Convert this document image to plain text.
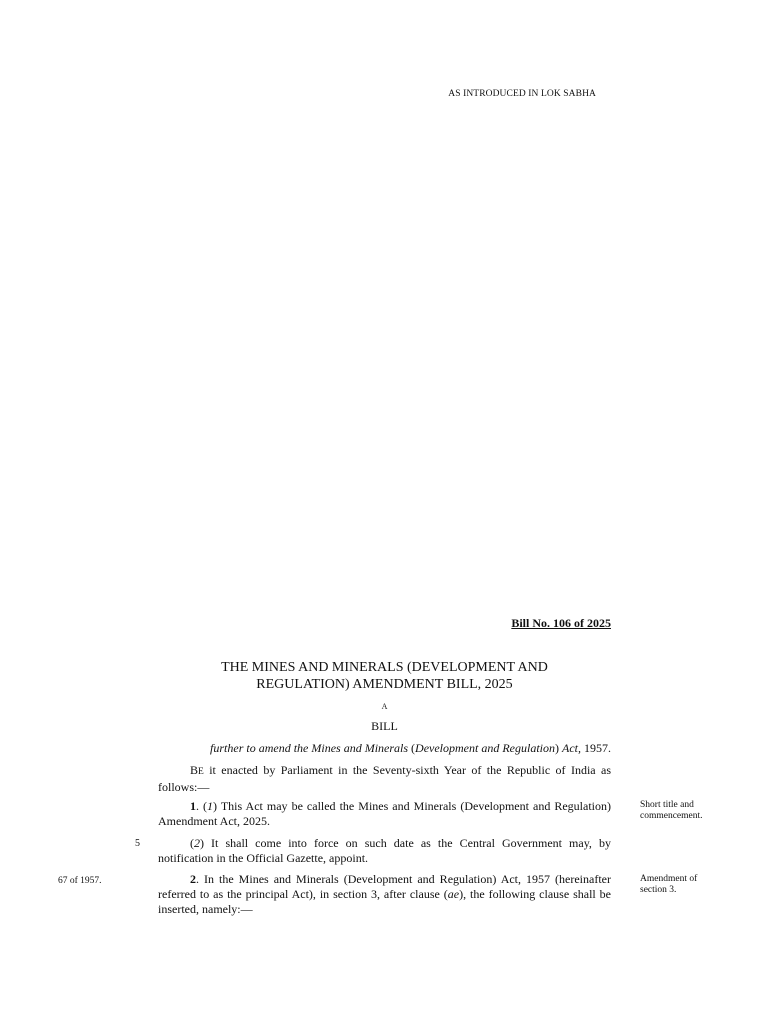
AS INTRODUCED IN LOK SABHA
Bill No. 106 of 2025
THE MINES AND MINERALS (DEVELOPMENT AND
REGULATION) AMENDMENT BILL, 2025
A
BILL
further to amend the Mines and Minerals (Development and Regulation) Act, 1957.
BE it enacted by Parliament in the Seventy-sixth Year of the Republic of India as follows:—
1. (1) This Act may be called the Mines and Minerals (Development and Regulation) Amendment Act, 2025.
(2) It shall come into force on such date as the Central Government may, by notification in the Official Gazette, appoint.
2. In the Mines and Minerals (Development and Regulation) Act, 1957 (hereinafter referred to as the principal Act), in section 3, after clause (ae), the following clause shall be inserted, namely:—
Short title and
commencement.
Amendment of
section 3.
5
67 of 1957.
